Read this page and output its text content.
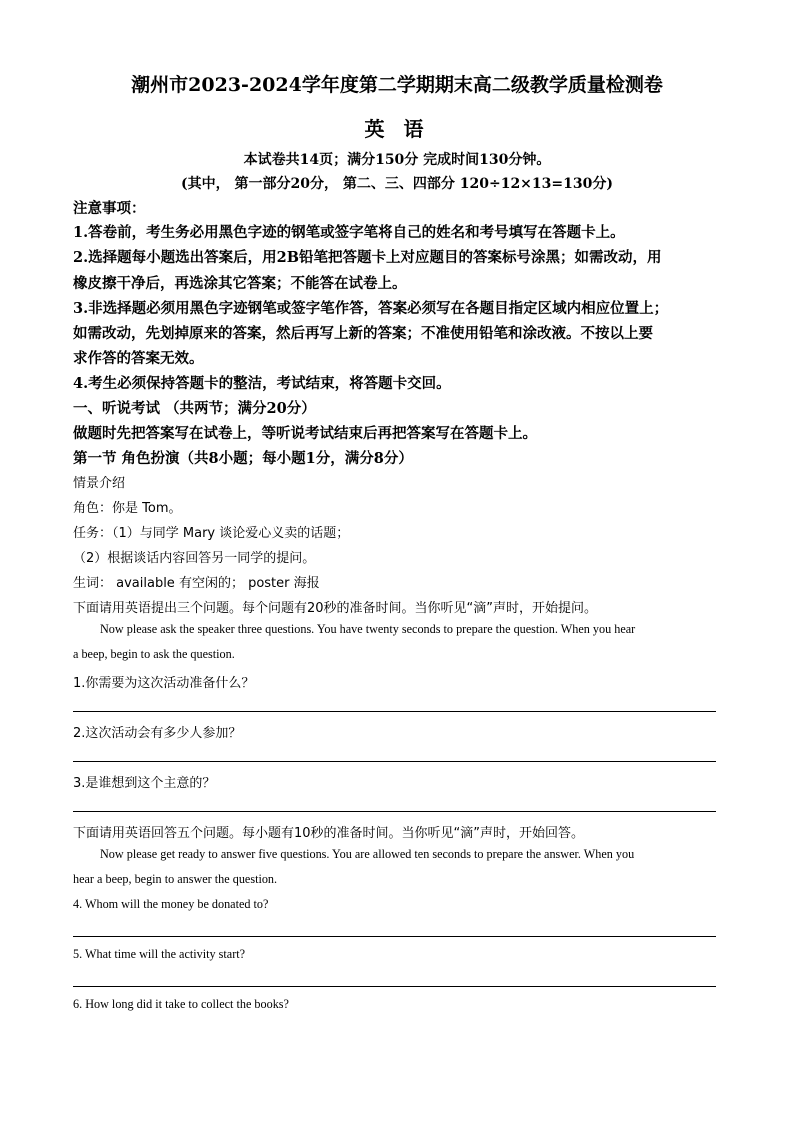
潮州市2023-2024学年度第二学期期末高二级教学质量检测卷
英 语
本试卷共14页；满分150分 完成时间130分钟。
(其中， 第一部分20分， 第二、三、四部分 120÷12×13=130分)
注意事项：
1.答卷前，考生务必用黑色字迹的钢笔或签字笔将自己的姓名和考号填写在答题卡上。
2.选择题每小题选出答案后，用2B铅笔把答题卡上对应题目的答案标号涂黑；如需改动，用
橡皮擦干净后，再选涂其它答案；不能答在试卷上。
3.非选择题必须用黑色字迹钢笔或签字笔作答，答案必须写在各题目指定区域内相应位置上；
如需改动，先划掉原来的答案，然后再写上新的答案；不准使用铅笔和涂改液。不按以上要
求作答的答案无效。
4.考生必须保持答题卡的整洁，考试结束，将答题卡交回。
一、听说考试 （共两节；满分20分）
做题时先把答案写在试卷上，等听说考试结束后再把答案写在答题卡上。
第一节 角色扮演（共8小题；每小题1分，满分8分）
情景介绍
角色：你是 Tom。
任务：（1）与同学 Mary 谈论爱心义卖的话题；
（2）根据谈话内容回答另一同学的提问。
生词： available 有空闲的； poster 海报
下面请用英语提出三个问题。每个问题有20秒的准备时间。当你听见“滴”声时，开始提问。
Now please ask the speaker three questions. You have twenty seconds to prepare the question. When you hear
a beep, begin to ask the question.
1.你需要为这次活动准备什么？
2.这次活动会有多少人参加？
3.是谁想到这个主意的？
下面请用英语回答五个问题。每小题有10秒的准备时间。当你听见“滴”声时，开始回答。
Now please get ready to answer five questions. You are allowed ten seconds to prepare the answer. When you
hear a beep, begin to answer the question.
4. Whom will the money be donated to?
5. What time will the activity start?
6. How long did it take to collect the books?
